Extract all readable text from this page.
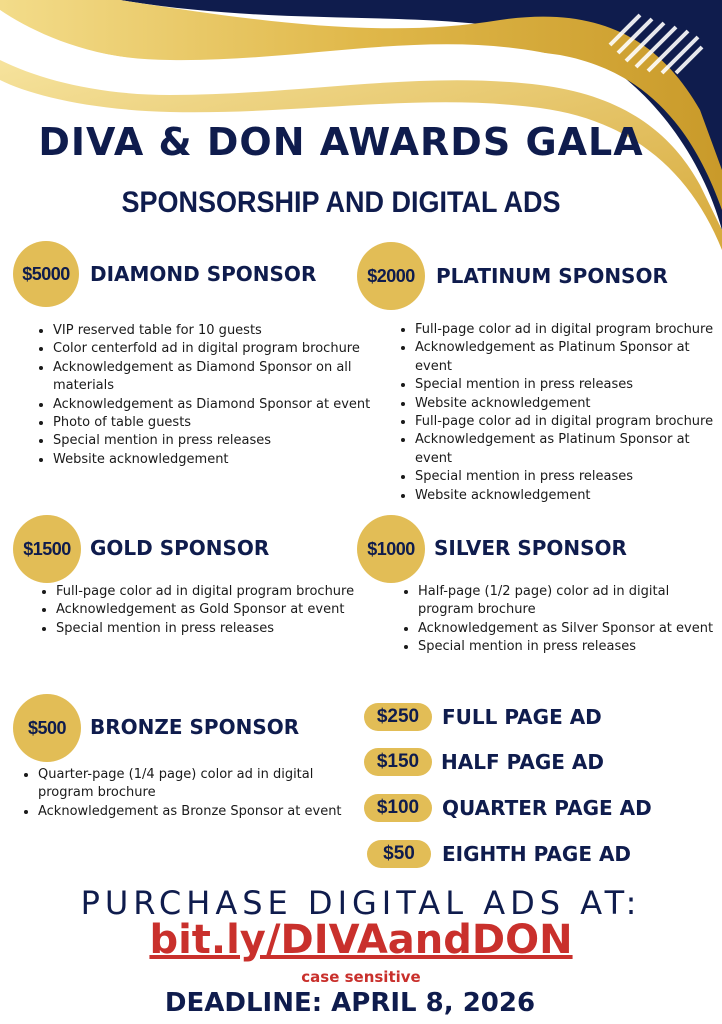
DIVA & DON AWARDS GALA
SPONSORSHIP AND DIGITAL ADS
$5000 DIAMOND SPONSOR
• VIP reserved table for 10 guests
• Color centerfold ad in digital program brochure
• Acknowledgement as Diamond Sponsor on all materials
• Acknowledgement as Diamond Sponsor at event
• Photo of table guests
• Special mention in press releases
• Website acknowledgement
$2000 PLATINUM SPONSOR
• Full-page color ad in digital program brochure
• Acknowledgement as Platinum Sponsor at event
• Special mention in press releases
• Website acknowledgement
• Full-page color ad in digital program brochure
• Acknowledgement as Platinum Sponsor at event
• Special mention in press releases
• Website acknowledgement
$1500 GOLD SPONSOR
• Full-page color ad in digital program brochure
• Acknowledgement as Gold Sponsor at event
• Special mention in press releases
$1000 SILVER SPONSOR
• Half-page (1/2 page) color ad in digital program brochure
• Acknowledgement as Silver Sponsor at event
• Special mention in press releases
$500 BRONZE SPONSOR
• Quarter-page (1/4 page) color ad in digital program brochure
• Acknowledgement as Bronze Sponsor at event
$250 FULL PAGE AD
$150 HALF PAGE AD
$100 QUARTER PAGE AD
$50 EIGHTH PAGE AD
PURCHASE DIGITAL ADS AT:
bit.ly/DIVAandDON
case sensitive
DEADLINE: APRIL 8, 2026
